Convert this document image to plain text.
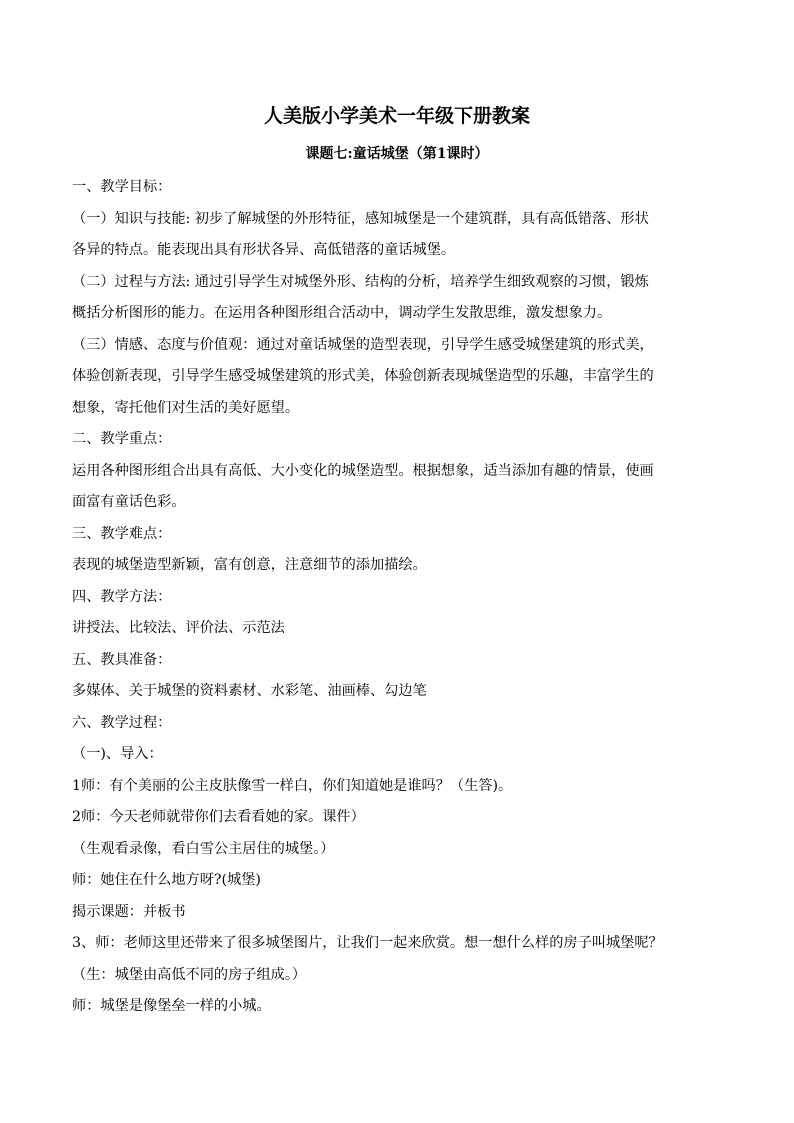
人美版小学美术一年级下册教案
课题七:童话城堡（第1课时）
一、教学目标：
（一）知识与技能: 初步了解城堡的外形特征，感知城堡是一个建筑群，具有高低错落、形状
各异的特点。能表现出具有形状各异、高低错落的童话城堡。
（二）过程与方法: 通过引导学生对城堡外形、结构的分析，培养学生细致观察的习惯，锻炼
概括分析图形的能力。在运用各种图形组合活动中，调动学生发散思维，激发想象力。
（三）情感、态度与价值观：通过对童话城堡的造型表现，引导学生感受城堡建筑的形式美，
体验创新表现，引导学生感受城堡建筑的形式美，体验创新表现城堡造型的乐趣，丰富学生的
想象，寄托他们对生活的美好愿望。
二、教学重点：
运用各种图形组合出具有高低、大小变化的城堡造型。根据想象，适当添加有趣的情景，使画
面富有童话色彩。
三、教学难点：
表现的城堡造型新颖，富有创意，注意细节的添加描绘。
四、教学方法：
讲授法、比较法、评价法、示范法
五、教具准备：
多媒体、关于城堡的资料素材、水彩笔、油画棒、勾边笔
六、教学过程：
（一)、导入：
1师：有个美丽的公主皮肤像雪一样白，你们知道她是谁吗？（生答)。
2师：今天老师就带你们去看看她的家。课件）
（生观看录像，看白雪公主居住的城堡。）
师：她住在什么地方呀?(城堡)
揭示课题：并板书
3、师：老师这里还带来了很多城堡图片，让我们一起来欣赏。想一想什么样的房子叫城堡呢？
（生：城堡由高低不同的房子组成。）
师：城堡是像堡垒一样的小城。
